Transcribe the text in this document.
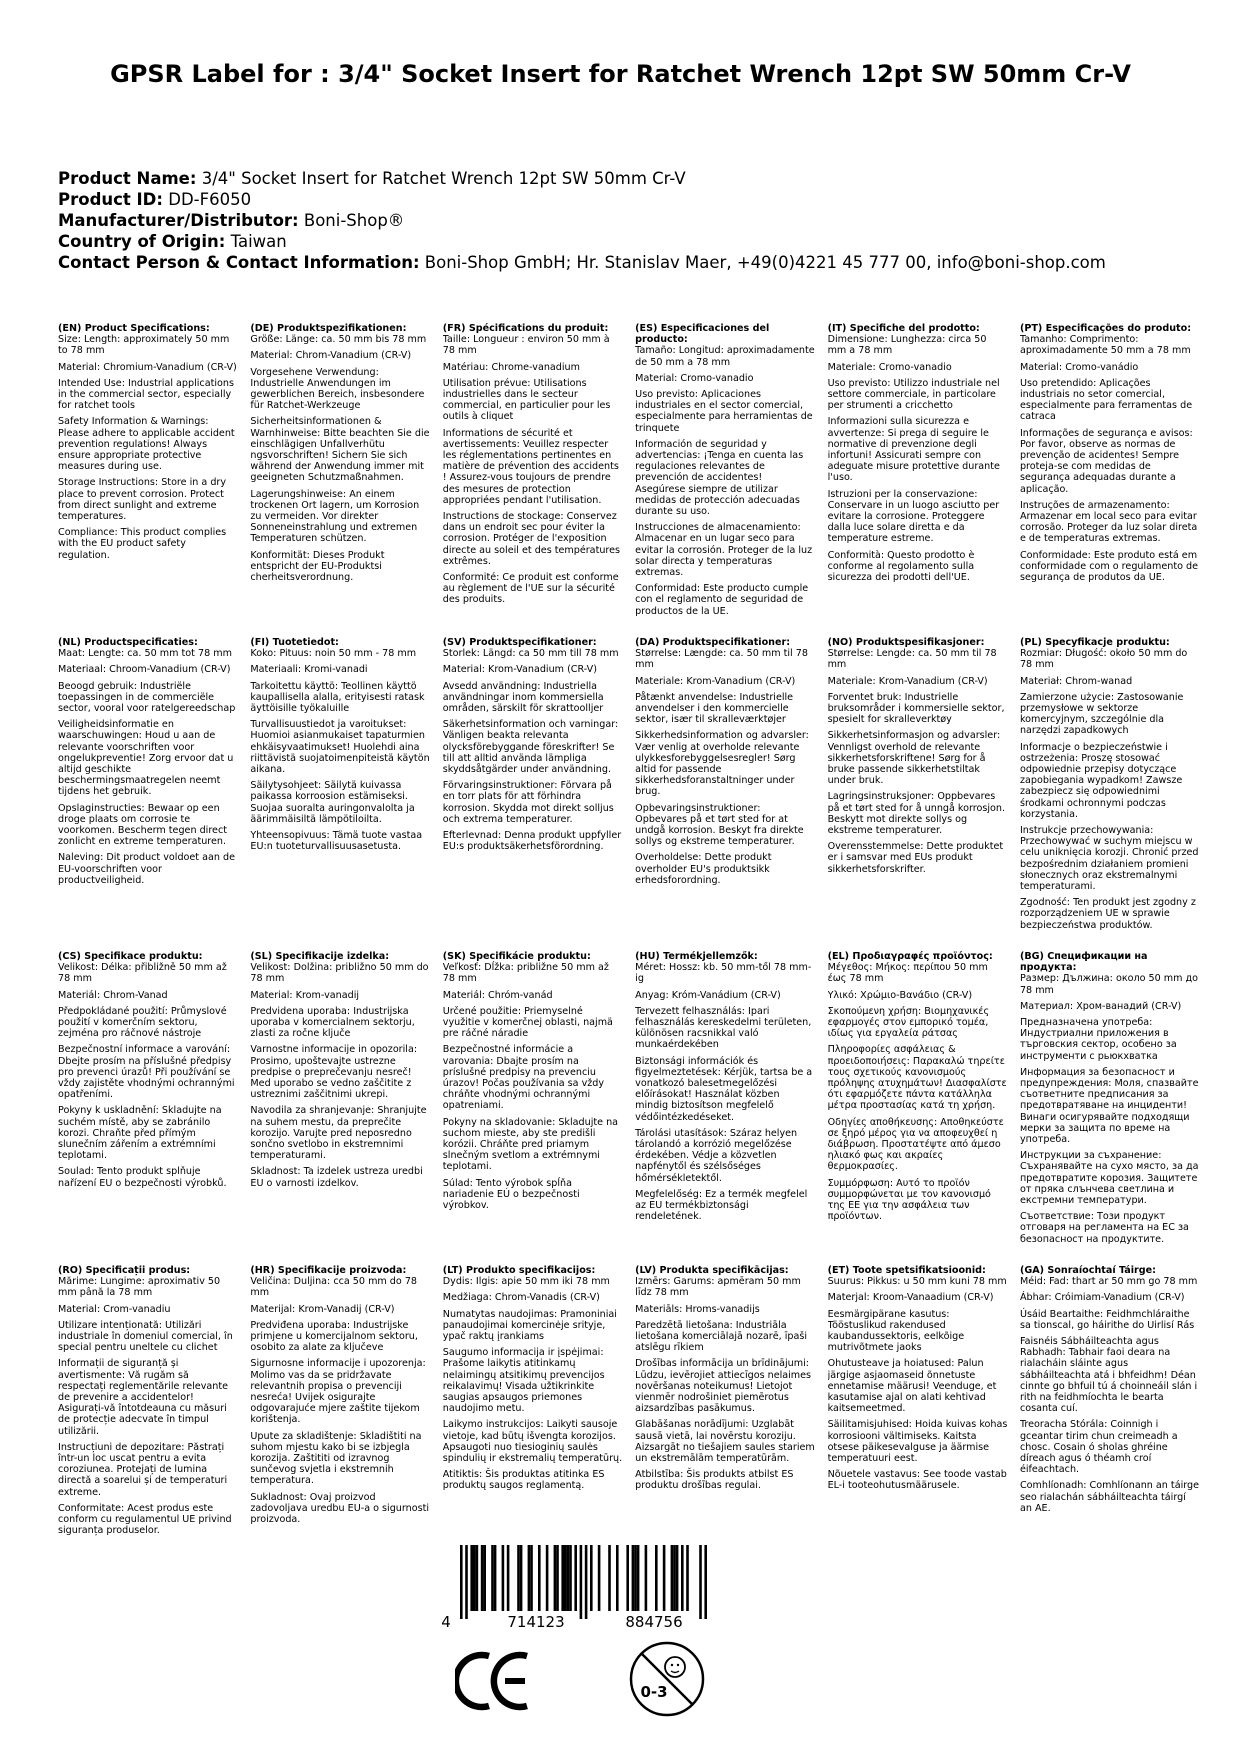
GPSR Label for : 3/4" Socket Insert for Ratchet Wrench 12pt SW 50mm Cr-V
Product Name: 3/4" Socket Insert for Ratchet Wrench 12pt SW 50mm Cr-V
Product ID: DD-F6050
Manufacturer/Distributor: Boni-Shop®
Country of Origin: Taiwan
Contact Person & Contact Information: Boni-Shop GmbH; Hr. Stanislav Maer, +49(0)4221 45 777 00, info@boni-shop.com
(EN) Product Specifications:
Size: Length: approximately 50 mm to 78 mm
Material: Chromium-Vanadium (CR-V)
Intended Use: Industrial applications in the commercial sector, especially for ratchet tools
Safety Information & Warnings: Please adhere to applicable accident prevention regulations! Always ensure appropriate protective measures during use.
Storage Instructions: Store in a dry place to prevent corrosion. Protect from direct sunlight and extreme temperatures.
Compliance: This product complies with the EU product safety regulation.
(DE) Produktspezifikationen:
Größe: Länge: ca. 50 mm bis 78 mm
Material: Chrom-Vanadium (CR-V)
Vorgesehene Verwendung: Industrielle Anwendungen im gewerblichen Bereich, insbesondere für Ratchet-Werkzeuge
Sicherheitsinformationen & Warnhinweise: Bitte beachten Sie die einschlägigen Unfallverhütu ngsvorschriften! Sichern Sie sich während der Anwendung immer mit geeigneten Schutzmaßnahmen.
Lagerungshinweise: An einem trockenen Ort lagern, um Korrosion zu vermeiden. Vor direkter Sonneneinstrahlung und extremen Temperaturen schützen.
Konformität: Dieses Produkt entspricht der EU-Produktsi cherheitsverordnung.
(FR) Spécifications du produit:
Taille: Longueur : environ 50 mm à 78 mm
Matériau: Chrome-vanadium
Utilisation prévue: Utilisations industrielles dans le secteur commercial, en particulier pour les outils à cliquet
Informations de sécurité et avertissements: Veuillez respecter les réglementations pertinentes en matière de prévention des accidents ! Assurez-vous toujours de prendre des mesures de protection appropriées pendant l'utilisation.
Instructions de stockage: Conservez dans un endroit sec pour éviter la corrosion. Protéger de l'exposition directe au soleil et des températures extrêmes.
Conformité: Ce produit est conforme au règlement de l'UE sur la sécurité des produits.
(ES) Especificaciones del producto:
Tamaño: Longitud: aproximadamente de 50 mm a 78 mm
Material: Cromo-vanadio
Uso previsto: Aplicaciones industriales en el sector comercial, especialmente para herramientas de trinquete
Información de seguridad y advertencias: ¡Tenga en cuenta las regulaciones relevantes de prevención de accidentes! Asegúrese siempre de utilizar medidas de protección adecuadas durante su uso.
Instrucciones de almacenamiento: Almacenar en un lugar seco para evitar la corrosión. Proteger de la luz solar directa y temperaturas extremas.
Conformidad: Este producto cumple con el reglamento de seguridad de productos de la UE.
(IT) Specifiche del prodotto:
Dimensione: Lunghezza: circa 50 mm a 78 mm
Materiale: Cromo-vanadio
Uso previsto: Utilizzo industriale nel settore commerciale, in particolare per strumenti a cricchetto
Informazioni sulla sicurezza e avvertenze: Si prega di seguire le normative di prevenzione degli infortuni! Assicurati sempre con adeguate misure protettive durante l'uso.
Istruzioni per la conservazione: Conservare in un luogo asciutto per evitare la corrosione. Proteggere dalla luce solare diretta e da temperature estreme.
Conformità: Questo prodotto è conforme al regolamento sulla sicurezza dei prodotti dell'UE.
(PT) Especificações do produto:
Tamanho: Comprimento: aproximadamente 50 mm a 78 mm
Material: Cromo-vanádio
Uso pretendido: Aplicações industriais no setor comercial, especialmente para ferramentas de catraca
Informações de segurança e avisos: Por favor, observe as normas de prevenção de acidentes! Sempre proteja-se com medidas de segurança adequadas durante a aplicação.
Instruções de armazenamento: Armazenar em local seco para evitar corrosão. Proteger da luz solar direta e de temperaturas extremas.
Conformidade: Este produto está em conformidade com o regulamento de segurança de produtos da UE.
(NL) Productspecificaties:
Maat: Lengte: ca. 50 mm tot 78 mm
Materiaal: Chroom-Vanadium (CR-V)
Beoogd gebruik: Industriële toepassingen in de commerciële sector, vooral voor ratelgereedschap
Veiligheidsinformatie en waarschuwingen: Houd u aan de relevante voorschriften voor ongelukpreventie! Zorg ervoor dat u altijd geschikte beschermingsmaatregelen neemt tijdens het gebruik.
Opslaginstructies: Bewaar op een droge plaats om corrosie te voorkomen. Bescherm tegen direct zonlicht en extreme temperaturen.
Naleving: Dit product voldoet aan de EU-voorschriften voor productveiligheid.
(FI) Tuotetiedot:
Koko: Pituus: noin 50 mm - 78 mm
Materiaali: Kromi-vanadi
Tarkoitettu käyttö: Teollinen käyttö kaupallisella alalla, erityisesti ratask äyttöisille työkaluille
Turvallisuustiedot ja varoitukset: Huomioi asianmukaiset tapaturmien ehkäisyvaatimukset! Huolehdi aina riittävistä suojatoimenpiteistä käytön aikana.
Säilytysohjeet: Säilytä kuivassa paikassa korroosion estämiseksi. Suojaa suoralta auringonvalolta ja äärimmäisiltä lämpötiloilta.
Yhteensopivuus: Tämä tuote vastaa EU:n tuoteturvallisuusasetusta.
(SV) Produktspecifikationer:
Storlek: Längd: ca 50 mm till 78 mm
Material: Krom-Vanadium (CR-V)
Avsedd användning: Industriella användningar inom kommersiella områden, särskilt för skrattoolljer
Säkerhetsinformation och varningar: Vänligen beakta relevanta olycksförebyggande föreskrifter! Se till att alltid använda lämpliga skyddsåtgärder under användning.
Förvaringsinstruktioner: Förvara på en torr plats för att förhindra korrosion. Skydda mot direkt solljus och extrema temperaturer.
Efterlevnad: Denna produkt uppfyller EU:s produktsäkerhetsförordning.
(DA) Produktspecifikationer:
Størrelse: Længde: ca. 50 mm til 78 mm
Materiale: Krom-Vanadium (CR-V)
Påtænkt anvendelse: Industrielle anvendelser i den kommercielle sektor, især til skralleværktøjer
Sikkerhedsinformation og advarsler: Vær venlig at overholde relevante ulykkesforebyggelsesregler! Sørg altid for passende sikkerhedsforanstaltninger under brug.
Opbevaringsinstruktioner: Opbevares på et tørt sted for at undgå korrosion. Beskyt fra direkte sollys og ekstreme temperaturer.
Overholdelse: Dette produkt overholder EU's produktsikk erhedsforordning.
(NO) Produktspesifikasjoner:
Størrelse: Lengde: ca. 50 mm til 78 mm
Materiale: Krom-Vanadium (CR-V)
Forventet bruk: Industrielle bruksområder i kommersielle sektor, spesielt for skralleverktøy
Sikkerhetsinformasjon og advarsler: Vennligst overhold de relevante sikkerhetsforskriftene! Sørg for å bruke passende sikkerhetstiltak under bruk.
Lagringsinstruksjoner: Oppbevares på et tørt sted for å unngå korrosjon. Beskytt mot direkte sollys og ekstreme temperaturer.
Overensstemmelse: Dette produktet er i samsvar med EUs produkt sikkerhetsforskrifter.
(PL) Specyfikacje produktu:
Rozmiar: Długość: około 50 mm do 78 mm
Materiał: Chrom-wanad
Zamierzone użycie: Zastosowanie przemysłowe w sektorze komercyjnym, szczególnie dla narzędzi zapadkowych
Informacje o bezpieczeństwie i ostrzeżenia: Proszę stosować odpowiednie przepisy dotyczące zapobiegania wypadkom! Zawsze zabezpiecz się odpowiednimi środkami ochronnymi podczas korzystania.
Instrukcje przechowywania: Przechowywać w suchym miejscu w celu uniknięcia korozji. Chronić przed bezpośrednim działaniem promieni słonecznych oraz ekstremalnymi temperaturami.
Zgodność: Ten produkt jest zgodny z rozporządzeniem UE w sprawie bezpieczeństwa produktów.
(CS) Specifikace produktu:
Velikost: Délka: přibližně 50 mm až 78 mm
Materiál: Chrom-Vanad
Předpokládané použití: Průmyslové použití v komerčním sektoru, zejména pro ráčnové nástroje
Bezpečnostní informace a varování: Dbejte prosím na příslušné předpisy pro prevenci úrazů! Při používání se vždy zajistěte vhodnými ochrannými opatřeními.
Pokyny k uskladnění: Skladujte na suchém místě, aby se zabránilo korozi. Chraňte před přímým slunečním zářením a extrémními teplotami.
Soulad: Tento produkt splňuje nařízení EU o bezpečnosti výrobků.
(SL) Specifikacije izdelka:
Velikost: Dolžina: približno 50 mm do 78 mm
Material: Krom-vanadij
Predvidena uporaba: Industrijska uporaba v komercialnem sektorju, zlasti za ročne ključe
Varnostne informacije in opozorila: Prosimo, upoštevajte ustrezne predpise o preprečevanju nesreč! Med uporabo se vedno zaščitite z ustreznimi zaščitnimi ukrepi.
Navodila za shranjevanje: Shranjujte na suhem mestu, da preprečite korozijo. Varujte pred neposredno sončno svetlobo in ekstremnimi temperaturami.
Skladnost: Ta izdelek ustreza uredbi EU o varnosti izdelkov.
(SK) Špecifikácie produktu:
Veľkosť: Dĺžka: približne 50 mm až 78 mm
Materiál: Chróm-vanád
Určené použitie: Priemyselné využitie v komerčnej oblasti, najmä pre ráčné náradie
Bezpečnostné informácie a varovania: Dbajte prosím na príslušné predpisy na prevenciu úrazov! Počas používania sa vždy chráňte vhodnými ochrannými opatreniami.
Pokyny na skladovanie: Skladujte na suchom mieste, aby ste predišli korózii. Chráňte pred priamym slnečným svetlom a extrémnymi teplotami.
Súlad: Tento výrobok spĺňa nariadenie EÚ o bezpečnosti výrobkov.
(HU) Termékjellemzők:
Méret: Hossz: kb. 50 mm-től 78 mm-ig
Anyag: Króm-Vanádium (CR-V)
Tervezett felhasználás: Ipari felhasználás kereskedelmi területen, különösen racsnikkal való munkaérdekében
Biztonsági információk és figyelmeztetések: Kérjük, tartsa be a vonatkozó balesetmegelőzési előírásokat! Használat közben mindig biztosítson megfelelő védőintézkedéseket.
Tárolási utasítások: Száraz helyen tárolandó a korrózió megelőzése érdekében. Védje a közvetlen napfénytől és szélsőséges hőmérsékletektől.
Megfelelőség: Ez a termék megfelel az EU termékbiztonsági rendeletének.
(EL) Προδιαγραφές προϊόντος:
Μέγεθος: Μήκος: περίπου 50 mm έως 78 mm
Υλικό: Χρώμιο-Βανάδιο (CR-V)
Σκοπούμενη χρήση: Βιομηχανικές εφαρμογές στον εμπορικό τομέα, ιδίως για εργαλεία ράτσας
Πληροφορίες ασφάλειας & προειδοποιήσεις: Παρακαλώ τηρείτε τους σχετικούς κανονισμούς πρόληψης ατυχημάτων! Διασφαλίστε ότι εφαρμόζετε πάντα κατάλληλα μέτρα προστασίας κατά τη χρήση.
Οδηγίες αποθήκευσης: Αποθηκεύστε σε ξηρό μέρος για να αποφευχθεί η διάβρωση. Προστατέψτε από άμεσο ηλιακό φως και ακραίες θερμοκρασίες.
Συμμόρφωση: Αυτό το προϊόν συμμορφώνεται με τον κανονισμό της ΕΕ για την ασφάλεια των προϊόντων.
(BG) Спецификации на продукта:
Размер: Дължина: около 50 mm до 78 mm
Материал: Хром-ванадий (CR-V)
Предназначена употреба: Индустриални приложения в търговския сектор, особено за инструменти с рьюкхватка
Информация за безопасност и предупреждения: Моля, спазвайте съответните предписания за предотвратяване на инциденти! Винаги осигурявайте подходящи мерки за защита по време на употреба.
Инструкции за съхранение: Съхранявайте на сухо място, за да предотвратите корозия. Защитете от пряка слънчева светлина и екстремни температури.
Съответствие: Този продукт отговаря на регламента на ЕС за безопасност на продуктите.
(RO) Specificații produs:
Mărime: Lungime: aproximativ 50 mm până la 78 mm
Material: Crom-vanadiu
Utilizare intenționată: Utilizări industriale în domeniul comercial, în special pentru uneltele cu clichet
Informații de siguranță și avertismente: Vă rugăm să respectați reglementările relevante de prevenire a accidentelor! Asigurați-vă întotdeauna cu măsuri de protecție adecvate în timpul utilizării.
Instrucțiuni de depozitare: Păstrați într-un loc uscat pentru a evita coroziunea. Protejați de lumina directă a soarelui și de temperaturi extreme.
Conformitate: Acest produs este conform cu regulamentul UE privind siguranța produselor.
(HR) Specifikacije proizvoda:
Veličina: Duljina: cca 50 mm do 78 mm
Materijal: Krom-Vanadij (CR-V)
Predviđena uporaba: Industrijske primjene u komercijalnom sektoru, osobito za alate za ključeve
Sigurnosne informacije i upozorenja: Molimo vas da se pridržavate relevantnih propisa o prevenciji nesreća! Uvijek osigurajte odgovarajuće mjere zaštite tijekom korištenja.
Upute za skladištenje: Skladištiti na suhom mjestu kako bi se izbjegla korozija. Zaštititi od izravnog sunčevog svjetla i ekstremnih temperatura.
Sukladnost: Ovaj proizvod zadovoljava uredbu EU-a o sigurnosti proizvoda.
(LT) Produkto specifikacijos:
Dydis: Ilgis: apie 50 mm iki 78 mm
Medžiaga: Chrom-Vanadis (CR-V)
Numatytas naudojimas: Pramoniniai panaudojimai komercinėje srityje, ypač raktų įrankiams
Saugumo informacija ir įspėjimai: Prašome laikytis atitinkamų nelaimingų atsitikimų prevencijos reikalavimų! Visada užtikrinkite saugias apsaugos priemones naudojimo metu.
Laikymo instrukcijos: Laikyti sausoje vietoje, kad būtų išvengta korozijos. Apsaugoti nuo tiesioginių saulės spindulių ir ekstremalių temperatūrų.
Atitiktis: Šis produktas atitinka ES produktų saugos reglamentą.
(LV) Produkta specifikācijas:
Izmērs: Garums: apmēram 50 mm līdz 78 mm
Materiāls: Hroms-vanadijs
Paredzētā lietošana: Industriāla lietošana komerciālajā nozarē, īpaši atslēgu rīkiem
Drošības informācija un brīdinājumi: Lūdzu, ievērojiet attiecīgos nelaimes novēršanas noteikumus! Lietojot vienmēr nodrošiniet piemērotus aizsardzības pasākumus.
Glabāšanas norādījumi: Uzglabāt sausā vietā, lai novērstu koroziju. Aizsargāt no tiešajiem saules stariem un ekstremālām temperatūrām.
Atbilstība: Šis produkts atbilst ES produktu drošības regulai.
(ET) Toote spetsifikatsioonid:
Suurus: Pikkus: u 50 mm kuni 78 mm
Materjal: Kroom-Vanaadium (CR-V)
Eesmärgipärane kasutus: Tööstuslikud rakendused kaubandussektoris, eelkõige mutrivõtmete jaoks
Ohutusteave ja hoiatused: Palun järgige asjaomaseid õnnetuste ennetamise määrusi! Veenduge, et kasutamise ajal on alati kehtivad kaitsemeetmed.
Säilitamisjuhised: Hoida kuivas kohas korrosiooni vältimiseks. Kaitsta otsese päikesevalguse ja äärmise temperatuuri eest.
Nõuetele vastavus: See toode vastab EL-i tooteohutusmäärusele.
(GA) Sonraíochtaí Táirge:
Méid: Fad: thart ar 50 mm go 78 mm
Ábhar: Cróimiam-Vanadium (CR-V)
Úsáid Beartaithe: Feidhmchláraithe sa tionscal, go háirithe do Uirlisí Rás
Faisnéis Sábháilteachta agus Rabhadh: Tabhair faoi deara na rialacháin sláinte agus sábháilteachta atá i bhfeidhm! Déan cinnte go bhfuil tú á choinneáil slán i rith na feidhmíochta le bearta cosanta cuí.
Treoracha Stórála: Coinnigh i gceantar tirim chun creimeadh a chosc. Cosain ó sholas ghréine díreach agus ó théamh croí éifeachtach.
Comhlíonadh: Comhlíonann an táirge seo rialachán sábháilteachta táirgí an AE.
4	714123	884756
0-3
